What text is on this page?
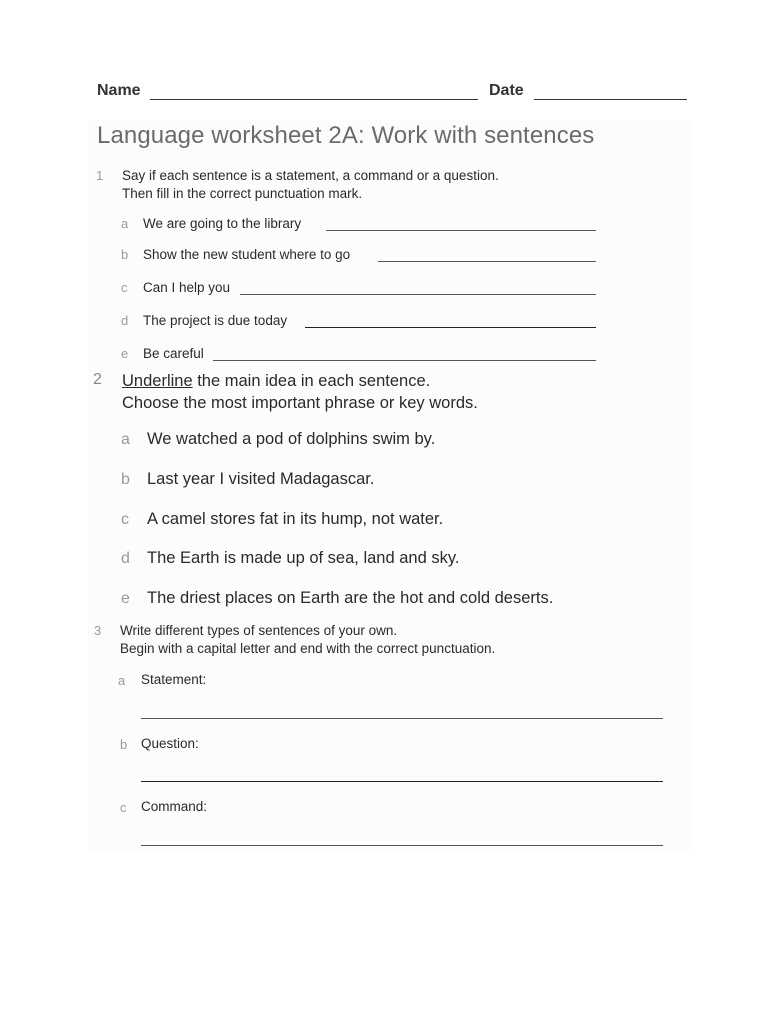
Name	Date
Language worksheet 2A: Work with sentences
1 Say if each sentence is a statement, a command or a question.
Then fill in the correct punctuation mark.
a We are going to the library
b Show the new student where to go
c Can I help you
d The project is due today
e Be careful
2 Underline the main idea in each sentence.
Choose the most important phrase or key words.
a We watched a pod of dolphins swim by.
b Last year I visited Madagascar.
c A camel stores fat in its hump, not water.
d The Earth is made up of sea, land and sky.
e The driest places on Earth are the hot and cold deserts.
3 Write different types of sentences of your own.
Begin with a capital letter and end with the correct punctuation.
a Statement:
b Question:
c Command:
